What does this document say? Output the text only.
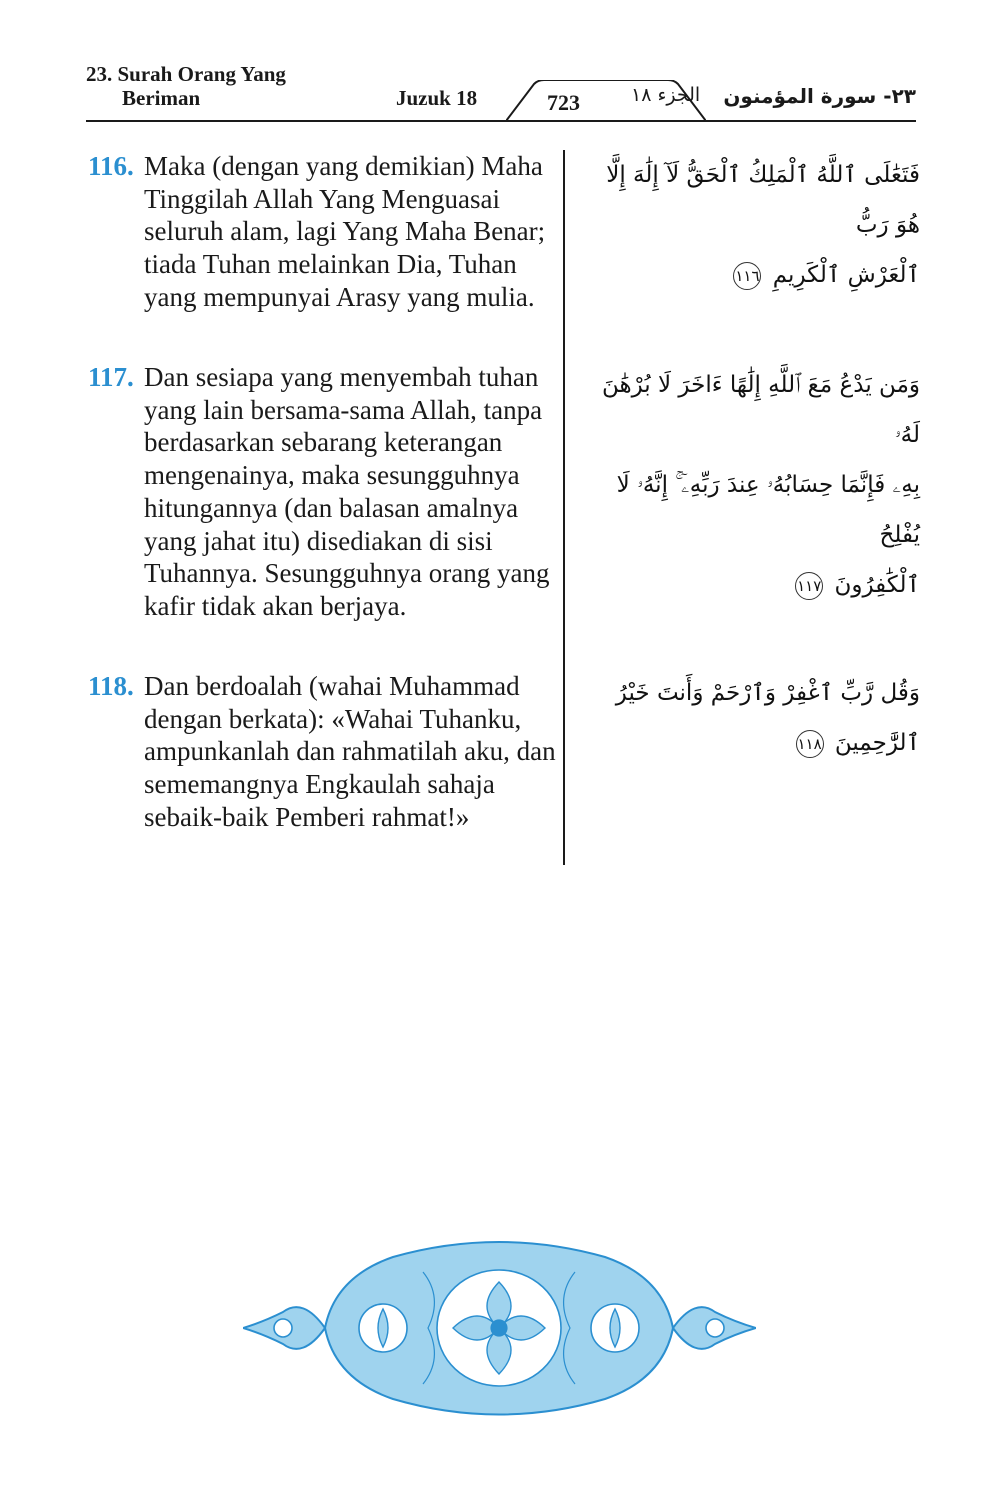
23. Surah Orang Yang
Beriman	Juzuk 18	723	الجزء ١٨ ٢٣- سورة المؤمنون
116. Maka (dengan yang demikian) Maha Tinggilah Allah Yang Menguasai seluruh alam, lagi Yang Maha Benar; tiada Tuhan melainkan Dia, Tuhan yang mempunyai Arasy yang mulia.
117. Dan sesiapa yang menyembah tuhan yang lain bersama-sama Allah, tanpa berdasarkan sebarang keterangan mengenainya, maka sesungguhnya hitungannya (dan balasan amalnya yang jahat itu) disediakan di sisi Tuhannya. Sesungguhnya orang yang kafir tidak akan berjaya.
118. Dan berdoalah (wahai Muhammad dengan berkata): «Wahai Tuhanku, ampunkanlah dan rahmatilah aku, dan sememangnya Engkaulah sahaja sebaik-baik Pemberi rahmat!»
فَتَعَٰلَى ٱللَّهُ ٱلْمَلِكُ ٱلْحَقُّ لَآ إِلَٰهَ إِلَّا هُوَ رَبُّ
ٱلْعَرْشِ ٱلْكَرِيمِ ١١٦
وَمَن يَدْعُ مَعَ ٱللَّهِ إِلَٰهًا ءَاخَرَ لَا بُرْهَٰنَ لَهُۥ
بِهِۦ فَإِنَّمَا حِسَابُهُۥ عِندَ رَبِّهِۦٓ ۚ إِنَّهُۥ لَا يُفْلِحُ
ٱلْكَٰفِرُونَ ١١٧
وَقُل رَّبِّ ٱغْفِرْ وَٱرْحَمْ وَأَنتَ خَيْرُ ٱلرَّٰحِمِينَ ١١٨
